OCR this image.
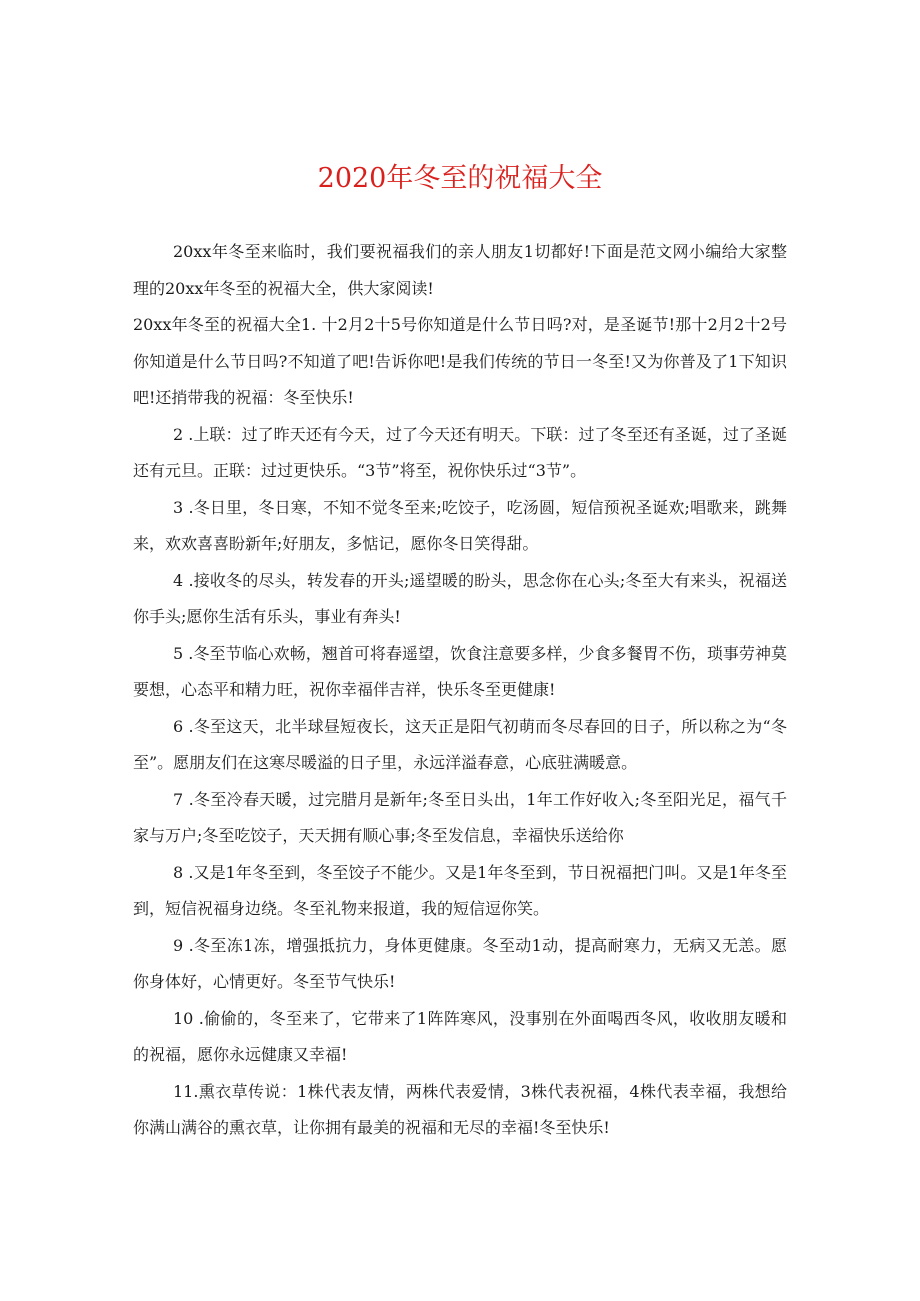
2020年冬至的祝福大全

20xx年冬至来临时，我们要祝福我们的亲人朋友1切都好!下面是范文网小编给大家整理的20xx年冬至的祝福大全，供大家阅读!

20xx年冬至的祝福大全1. 十2月2十5号你知道是什么节日吗?对，是圣诞节!那十2月2十2号你知道是什么节日吗?不知道了吧!告诉你吧!是我们传统的节日一冬至!又为你普及了1下知识吧!还捎带我的祝福：冬至快乐!

2 .上联：过了昨天还有今天，过了今天还有明天。下联：过了冬至还有圣诞，过了圣诞还有元旦。正联：过过更快乐。“3节”将至，祝你快乐过“3节”。

3 .冬日里，冬日寒，不知不觉冬至来;吃饺子，吃汤圆，短信预祝圣诞欢;唱歌来，跳舞来，欢欢喜喜盼新年;好朋友，多惦记，愿你冬日笑得甜。

4 .接收冬的尽头，转发春的开头;遥望暖的盼头，思念你在心头;冬至大有来头，祝福送你手头;愿你生活有乐头，事业有奔头!

5 .冬至节临心欢畅，翘首可将春遥望，饮食注意要多样，少食多餐胃不伤，琐事劳神莫要想，心态平和精力旺，祝你幸福伴吉祥，快乐冬至更健康!

6 .冬至这天，北半球昼短夜长，这天正是阳气初萌而冬尽春回的日子，所以称之为“冬至”。愿朋友们在这寒尽暖溢的日子里，永远洋溢春意，心底驻满暖意。

7 .冬至冷春天暖，过完腊月是新年;冬至日头出，1年工作好收入;冬至阳光足，福气千家与万户;冬至吃饺子，天天拥有顺心事;冬至发信息，幸福快乐送给你

8 .又是1年冬至到，冬至饺子不能少。又是1年冬至到，节日祝福把门叫。又是1年冬至到，短信祝福身边绕。冬至礼物来报道，我的短信逗你笑。

9 .冬至冻1冻，增强抵抗力，身体更健康。冬至动1动，提高耐寒力，无病又无恙。愿你身体好，心情更好。冬至节气快乐!

10 .偷偷的，冬至来了，它带来了1阵阵寒风，没事别在外面喝西冬风，收收朋友暖和的祝福，愿你永远健康又幸福!

11.熏衣草传说：1株代表友情，两株代表爱情，3株代表祝福，4株代表幸福，我想给你满山满谷的熏衣草，让你拥有最美的祝福和无尽的幸福!冬至快乐!
